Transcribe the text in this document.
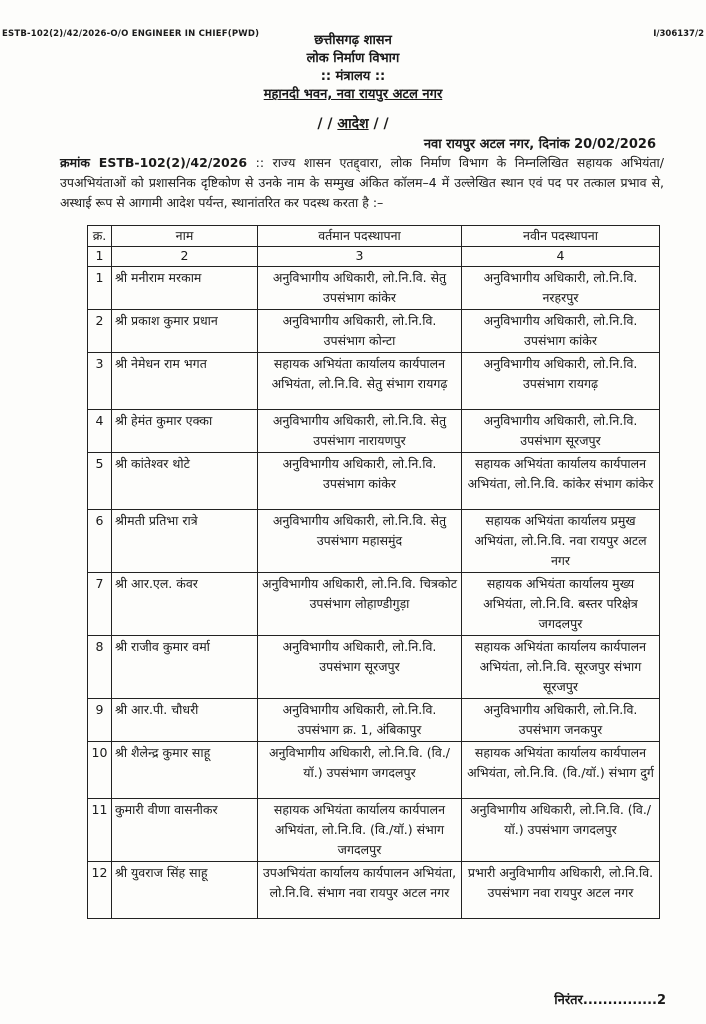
ESTB-102(2)/42/2026-O/O ENGINEER IN CHIEF(PWD)	I/306137/2
छत्तीसगढ़ शासन
लोक निर्माण विभाग
:: मंत्रालय ::
महानदी भवन, नवा रायपुर अटल नगर
/ / आदेश / /
नवा रायपुर अटल नगर, दिनांक 20/02/2026
क्रमांक ESTB-102(2)/42/2026 :: राज्य शासन एतद्द्वारा, लोक निर्माण विभाग के निम्नलिखित सहायक अभियंता/उपअभियंताओं को प्रशासनिक दृष्टिकोण से उनके नाम के सम्मुख अंकित कॉलम–4 में उल्लेखित स्थान एवं पद पर तत्काल प्रभाव से, अस्थाई रूप से आगामी आदेश पर्यन्त, स्थानांतरित कर पदस्थ करता है :–
क्र.	नाम	वर्तमान पदस्थापना	नवीन पदस्थापना
1	2	3	4
1	श्री मनीराम मरकाम	अनुविभागीय अधिकारी, लो.नि.वि. सेतु उपसंभाग कांकेर	अनुविभागीय अधिकारी, लो.नि.वि. नरहरपुर
2	श्री प्रकाश कुमार प्रधान	अनुविभागीय अधिकारी, लो.नि.वि. उपसंभाग कोन्टा	अनुविभागीय अधिकारी, लो.नि.वि. उपसंभाग कांकेर
3	श्री नेमेधन राम भगत	सहायक अभियंता कार्यालय कार्यपालन अभियंता, लो.नि.वि. सेतु संभाग रायगढ़	अनुविभागीय अधिकारी, लो.नि.वि. उपसंभाग रायगढ़
4	श्री हेमंत कुमार एक्का	अनुविभागीय अधिकारी, लो.नि.वि. सेतु उपसंभाग नारायणपुर	अनुविभागीय अधिकारी, लो.नि.वि. उपसंभाग सूरजपुर
5	श्री कांतेश्वर थोटे	अनुविभागीय अधिकारी, लो.नि.वि. उपसंभाग कांकेर	सहायक अभियंता कार्यालय कार्यपालन अभियंता, लो.नि.वि. कांकेर संभाग कांकेर
6	श्रीमती प्रतिभा रात्रे	अनुविभागीय अधिकारी, लो.नि.वि. सेतु उपसंभाग महासमुंद	सहायक अभियंता कार्यालय प्रमुख अभियंता, लो.नि.वि. नवा रायपुर अटल नगर
7	श्री आर.एल. कंवर	अनुविभागीय अधिकारी, लो.नि.वि. चित्रकोट उपसंभाग लोहाण्डीगुड़ा	सहायक अभियंता कार्यालय मुख्य अभियंता, लो.नि.वि. बस्तर परिक्षेत्र जगदलपुर
8	श्री राजीव कुमार वर्मा	अनुविभागीय अधिकारी, लो.नि.वि. उपसंभाग सूरजपुर	सहायक अभियंता कार्यालय कार्यपालन अभियंता, लो.नि.वि. सूरजपुर संभाग सूरजपुर
9	श्री आर.पी. चौधरी	अनुविभागीय अधिकारी, लो.नि.वि. उपसंभाग क्र. 1, अंबिकापुर	अनुविभागीय अधिकारी, लो.नि.वि. उपसंभाग जनकपुर
10	श्री शैलेन्द्र कुमार साहू	अनुविभागीय अधिकारी, लो.नि.वि. (वि./यॉ.) उपसंभाग जगदलपुर	सहायक अभियंता कार्यालय कार्यपालन अभियंता, लो.नि.वि. (वि./यॉ.) संभाग दुर्ग
11	कुमारी वीणा वासनीकर	सहायक अभियंता कार्यालय कार्यपालन अभियंता, लो.नि.वि. (वि./यॉ.) संभाग जगदलपुर	अनुविभागीय अधिकारी, लो.नि.वि. (वि./यॉ.) उपसंभाग जगदलपुर
12	श्री युवराज सिंह साहू	उपअभियंता कार्यालय कार्यपालन अभियंता, लो.नि.वि. संभाग नवा रायपुर अटल नगर	प्रभारी अनुविभागीय अधिकारी, लो.नि.वि. उपसंभाग नवा रायपुर अटल नगर
निरंतर...............2
